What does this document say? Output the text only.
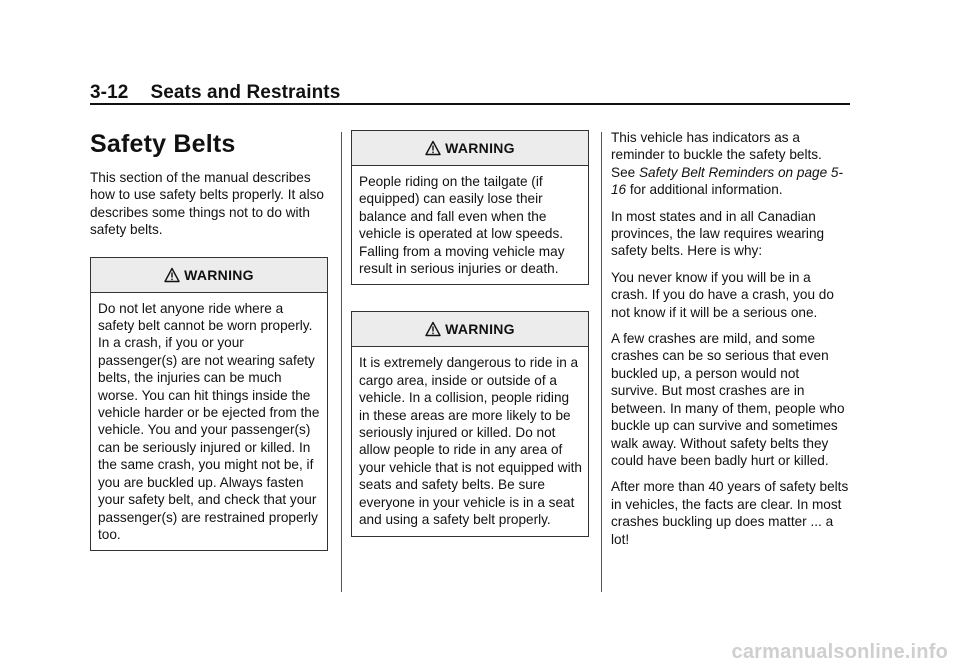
3-12 Seats and Restraints
Safety Belts

This section of the manual describes how to use safety belts properly. It also describes some things not to do with safety belts.

WARNING
Do not let anyone ride where a safety belt cannot be worn properly. In a crash, if you or your passenger(s) are not wearing safety belts, the injuries can be much worse. You can hit things inside the vehicle harder or be ejected from the vehicle. You and your passenger(s) can be seriously injured or killed. In the same crash, you might not be, if you are buckled up. Always fasten your safety belt, and check that your passenger(s) are restrained properly too.
WARNING
People riding on the tailgate (if equipped) can easily lose their balance and fall even when the vehicle is operated at low speeds. Falling from a moving vehicle may result in serious injuries or death.
WARNING
It is extremely dangerous to ride in a cargo area, inside or outside of a vehicle. In a collision, people riding in these areas are more likely to be seriously injured or killed. Do not allow people to ride in any area of your vehicle that is not equipped with seats and safety belts. Be sure everyone in your vehicle is in a seat and using a safety belt properly.

This vehicle has indicators as a reminder to buckle the safety belts. See Safety Belt Reminders on page 5-16 for additional information.

In most states and in all Canadian provinces, the law requires wearing safety belts. Here is why:

You never know if you will be in a crash. If you do have a crash, you do not know if it will be a serious one.

A few crashes are mild, and some crashes can be so serious that even buckled up, a person would not survive. But most crashes are in between. In many of them, people who buckle up can survive and sometimes walk away. Without safety belts they could have been badly hurt or killed.

After more than 40 years of safety belts in vehicles, the facts are clear. In most crashes buckling up does matter ... a lot!

carmanualsonline.info
